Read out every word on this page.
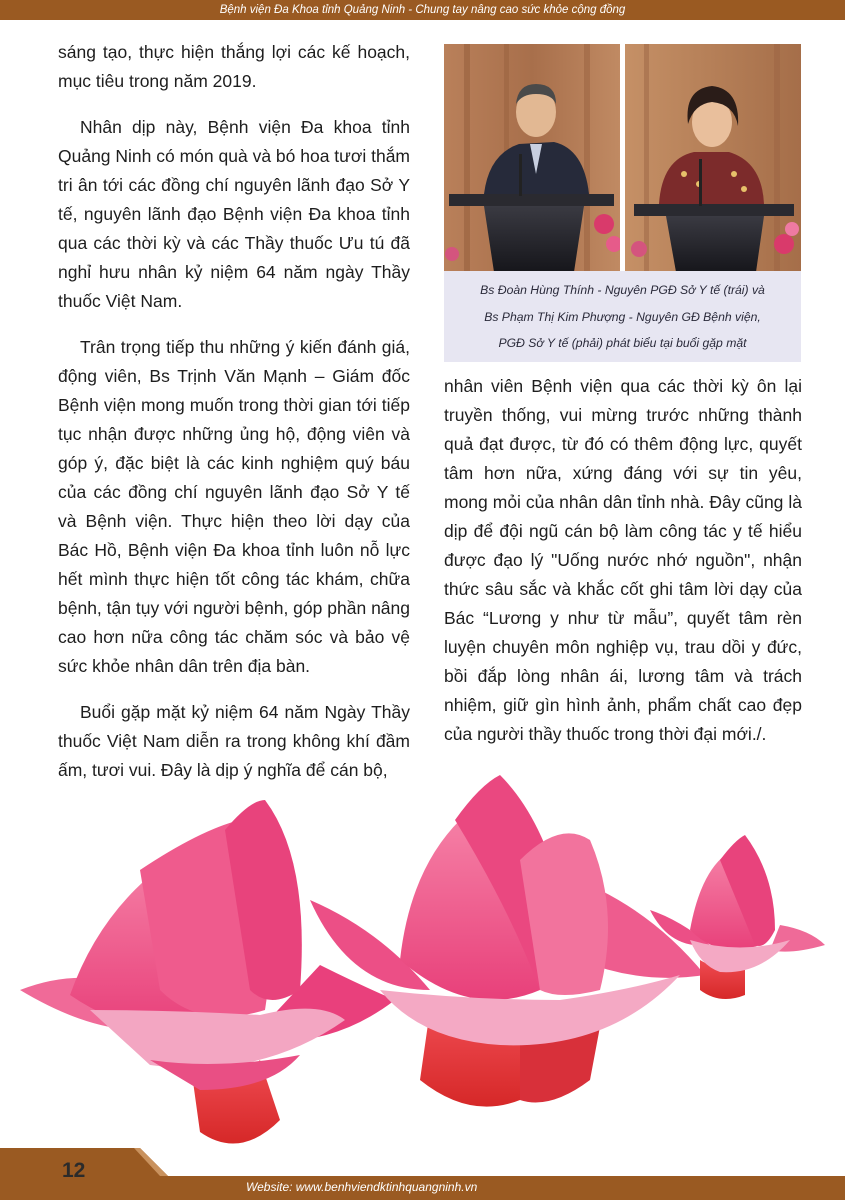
Bệnh viện Đa Khoa tỉnh Quảng Ninh - Chung tay nâng cao sức khỏe cộng đồng

sáng tạo, thực hiện thắng lợi các kế hoạch, mục tiêu trong năm 2019.

Nhân dịp này, Bệnh viện Đa khoa tỉnh Quảng Ninh có món quà và bó hoa tươi thắm tri ân tới các đồng chí nguyên lãnh đạo Sở Y tế, nguyên lãnh đạo Bệnh viện Đa khoa tỉnh qua các thời kỳ và các Thầy thuốc Ưu tú đã nghỉ hưu nhân kỷ niệm 64 năm ngày Thầy thuốc Việt Nam.

Trân trọng tiếp thu những ý kiến đánh giá, động viên, Bs Trịnh Văn Mạnh – Giám đốc Bệnh viện mong muốn trong thời gian tới tiếp tục nhận được những ủng hộ, động viên và góp ý, đặc biệt là các kinh nghiệm quý báu của các đồng chí nguyên lãnh đạo Sở Y tế và Bệnh viện. Thực hiện theo lời dạy của Bác Hồ, Bệnh viện Đa khoa tỉnh luôn nỗ lực hết mình thực hiện tốt công tác khám, chữa bệnh, tận tụy với người bệnh, góp phần nâng cao hơn nữa công tác chăm sóc và bảo vệ sức khỏe nhân dân trên địa bàn.

Buổi gặp mặt kỷ niệm 64 năm Ngày Thầy thuốc Việt Nam diễn ra trong không khí đầm ấm, tươi vui. Đây là dịp ý nghĩa để cán bộ,

Bs Đoàn Hùng Thính - Nguyên PGĐ Sở Y tế (trái) và
Bs Phạm Thị Kim Phượng - Nguyên GĐ Bệnh viện,
PGĐ Sở Y tế (phải) phát biểu tại buổi gặp mặt

nhân viên Bệnh viện qua các thời kỳ ôn lại truyền thống, vui mừng trước những thành quả đạt được, từ đó có thêm động lực, quyết tâm hơn nữa, xứng đáng với sự tin yêu, mong mỏi của nhân dân tỉnh nhà. Đây cũng là dịp để đội ngũ cán bộ làm công tác y tế hiểu được đạo lý "Uống nước nhớ nguồn", nhận thức sâu sắc và khắc cốt ghi tâm lời dạy của Bác “Lương y như từ mẫu”, quyết tâm rèn luyện chuyên môn nghiệp vụ, trau dồi y đức, bồi đắp lòng nhân ái, lương tâm và trách nhiệm, giữ gìn hình ảnh, phẩm chất cao đẹp của người thầy thuốc trong thời đại mới./.

12
Website: www.benhviendktinhquangninh.vn
